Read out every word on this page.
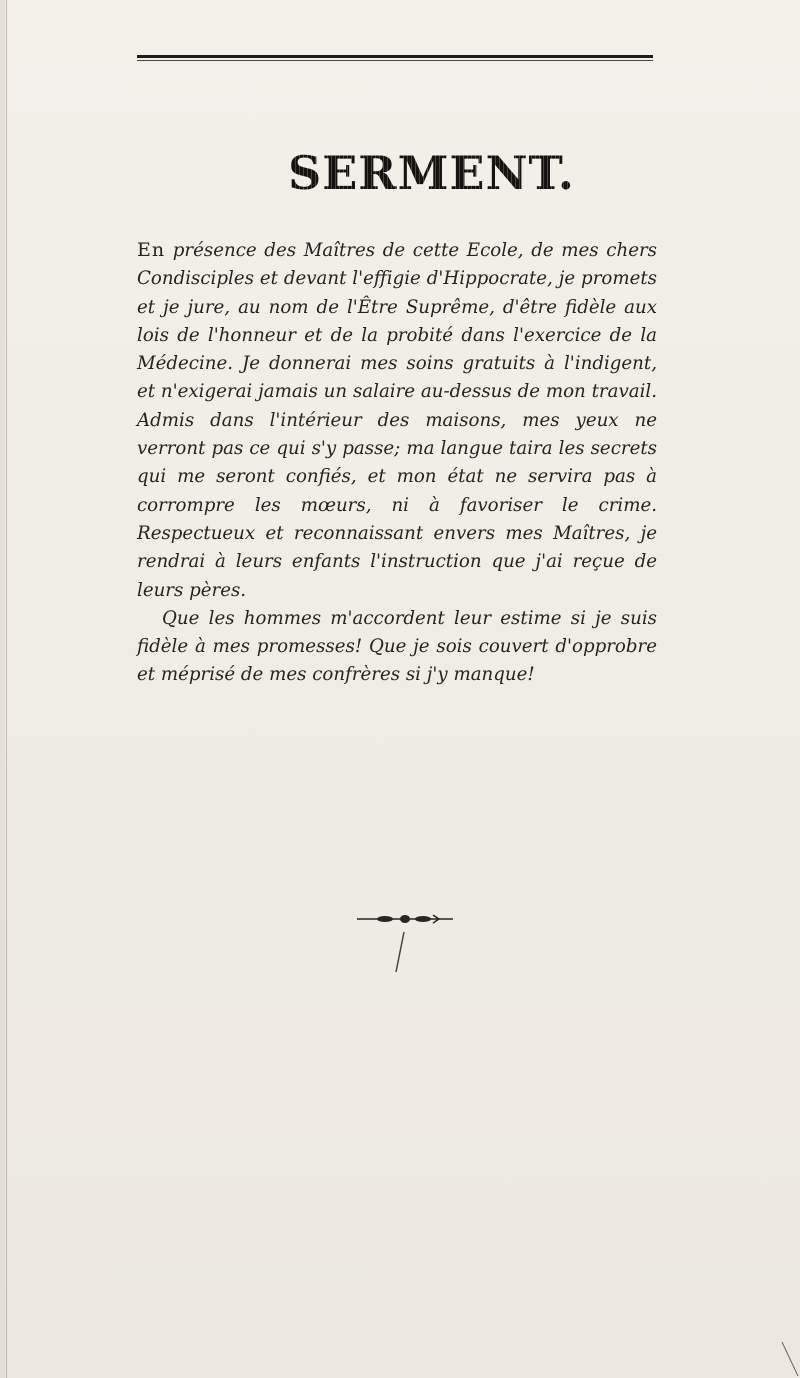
SERMENT.

En présence des Maîtres de cette Ecole, de mes chers Condisciples et devant l'effigie d'Hippocrate, je promets et je jure, au nom de l'Être Suprême, d'être fidèle aux lois de l'honneur et de la probité dans l'exercice de la Médecine. Je donnerai mes soins gratuits à l'indigent, et n'exigerai jamais un salaire au-dessus de mon travail. Admis dans l'intérieur des maisons, mes yeux ne verront pas ce qui s'y passe; ma langue taira les secrets qui me seront confiés, et mon état ne servira pas à corrompre les mœurs, ni à favoriser le crime. Respectueux et reconnaissant envers mes Maîtres, je rendrai à leurs enfants l'instruction que j'ai reçue de leurs pères.

Que les hommes m'accordent leur estime si je suis fidèle à mes promesses! Que je sois couvert d'opprobre et méprisé de mes confrères si j'y manque!
